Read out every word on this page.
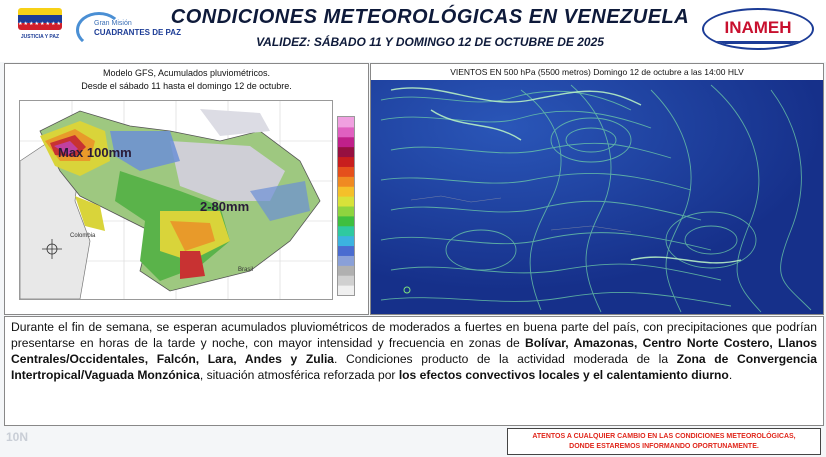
★★★★★★★★
JUSTICIA Y PAZ
Gran Misión
CUADRANTES DE PAZ
CONDICIONES METEOROLÓGICAS EN VENEZUELA
VALIDEZ: SÁBADO 11 Y DOMINGO 12 DE OCTUBRE DE 2025
INAMEH
Modelo GFS, Acumulados pluviométricos.
Desde el sábado 11 hasta el domingo 12 de octubre.
Max 100mm
2-80mm
Colombia
Brasil
VIENTOS EN 500 hPa (5500 metros) Domingo 12 de octubre a las 14:00 HLV
Durante el fin de semana, se esperan acumulados pluviométricos de moderados a fuertes en buena parte del país, con precipitaciones que podrían presentarse en horas de la tarde y noche, con mayor intensidad y frecuencia en zonas de Bolívar, Amazonas, Centro Norte Costero, Llanos Centrales/Occidentales, Falcón, Lara, Andes y Zulia. Condiciones producto de la actividad moderada de la Zona de Convergencia Intertropical/Vaguada Monzónica, situación atmosférica reforzada por los efectos convectivos locales y el calentamiento diurno.
10N	ATENTOS A CUALQUIER CAMBIO EN LAS CONDICIONES METEOROLÓGICAS,
DONDE ESTAREMOS INFORMANDO OPORTUNAMENTE.
